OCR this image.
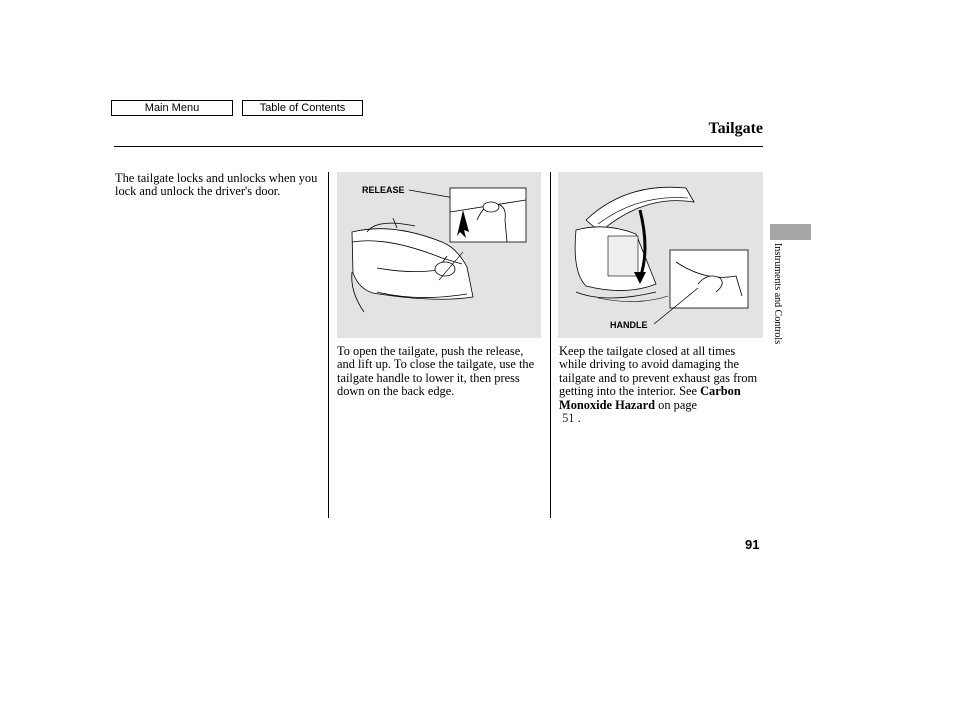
Main Menu	Table of Contents
Tailgate
The tailgate locks and unlocks when you lock and unlock the driver's door.	RELEASE
HANDLE
To open the tailgate, push the release, and lift up. To close the tailgate, use the tailgate handle to lower it, then press down on the back edge.
Keep the tailgate closed at all times while driving to avoid damaging the tailgate and to prevent exhaust gas from getting into the interior. See Carbon Monoxide Hazard on page
51 .
Instruments and Controls
91
